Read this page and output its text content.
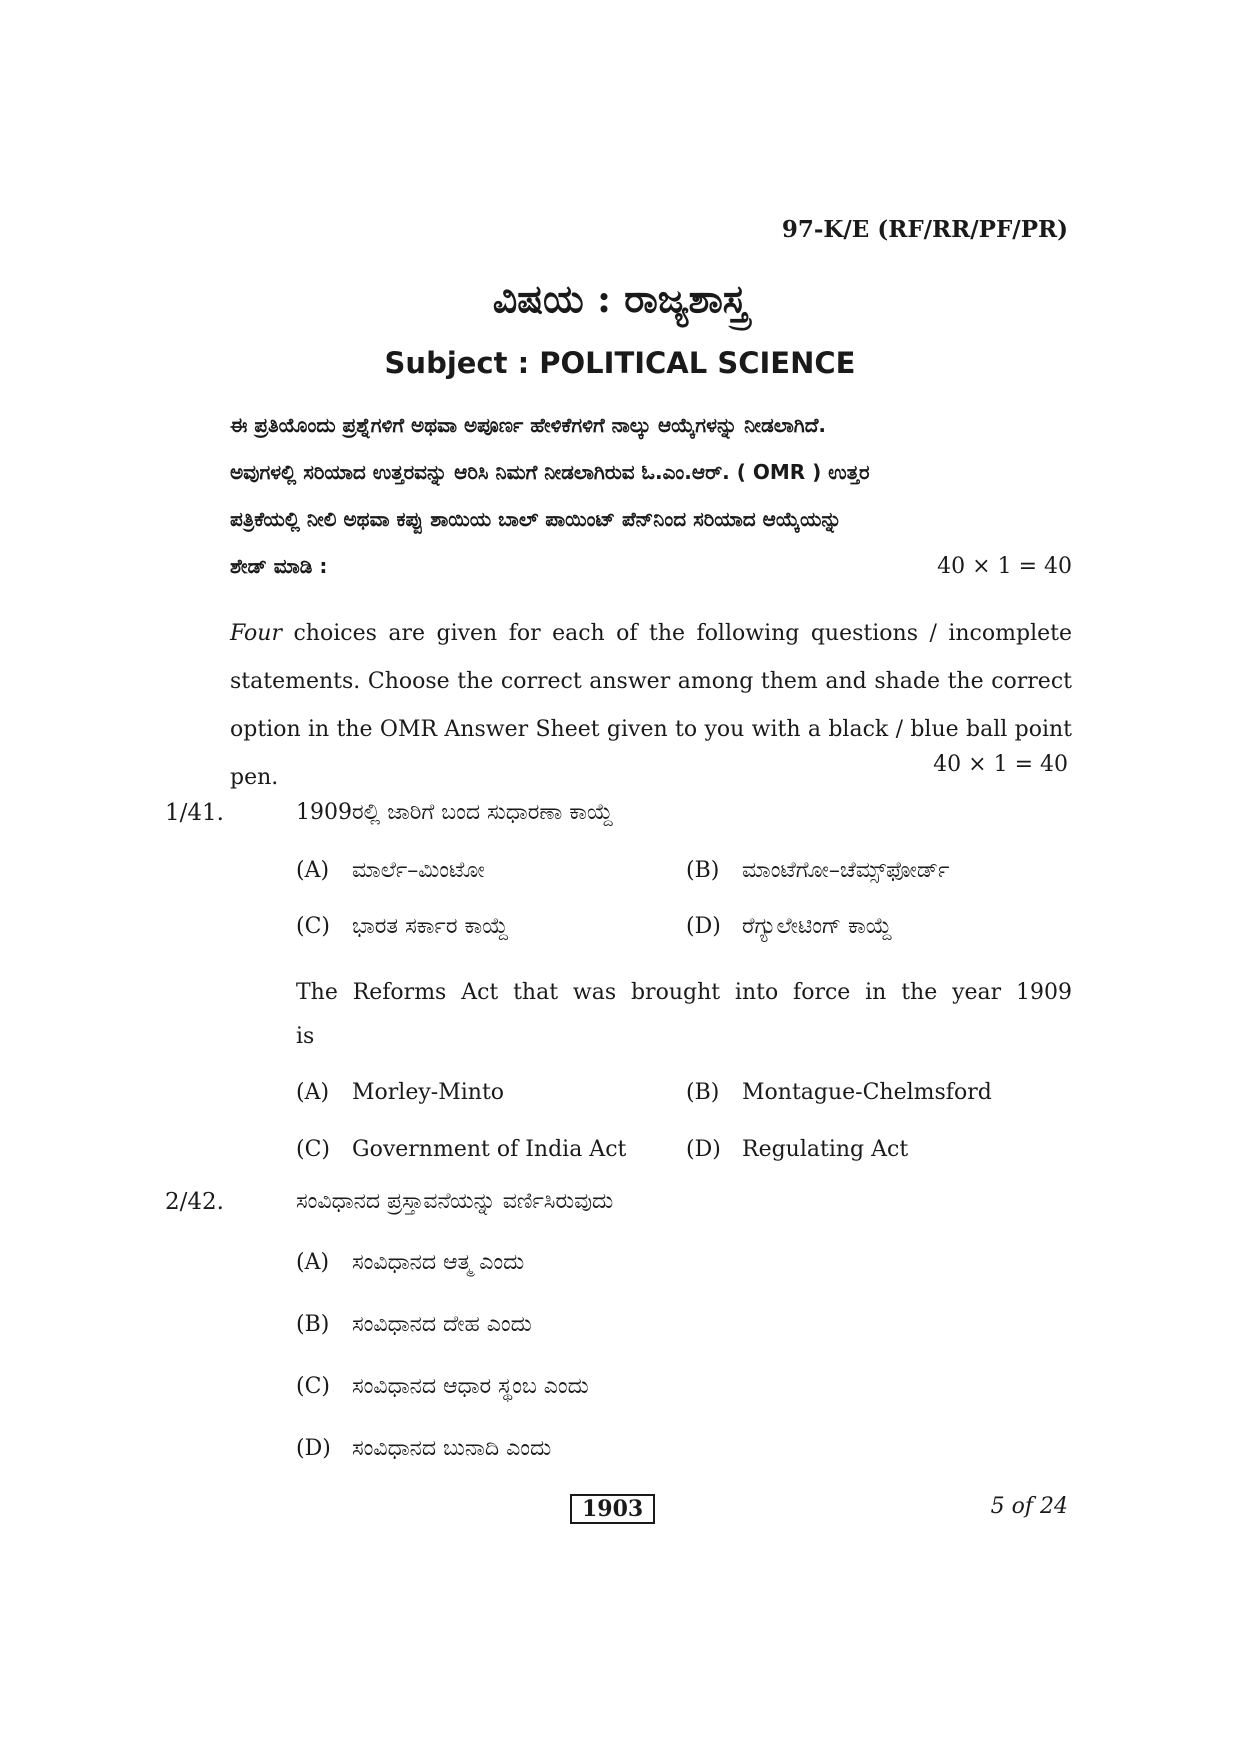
97-K/E (RF/RR/PF/PR)
ವಿಷಯ : ರಾಜ್ಯಶಾಸ್ತ್ರ
Subject : POLITICAL SCIENCE
ಈ ಪ್ರತಿಯೊಂದು ಪ್ರಶ್ನೆಗಳಿಗೆ ಅಥವಾ ಅಪೂರ್ಣ ಹೇಳಿಕೆಗಳಿಗೆ ನಾಲ್ಕು ಆಯ್ಕೆಗಳನ್ನು ನೀಡಲಾಗಿದೆ.
ಅವುಗಳಲ್ಲಿ ಸರಿಯಾದ ಉತ್ತರವನ್ನು ಆರಿಸಿ ನಿಮಗೆ ನೀಡಲಾಗಿರುವ ಓ.ಎಂ.ಆರ್. ( OMR ) ಉತ್ತರ
ಪತ್ರಿಕೆಯಲ್ಲಿ ನೀಲಿ ಅಥವಾ ಕಪ್ಪು ಶಾಯಿಯ ಬಾಲ್ ಪಾಯಿಂಟ್ ಪೆನ್‌ನಿಂದ ಸರಿಯಾದ ಆಯ್ಕೆಯನ್ನು
ಶೇಡ್ ಮಾಡಿ :	40 × 1 = 40
Four choices are given for each of the following questions / incomplete statements. Choose the correct answer among them and shade the correct option in the OMR Answer Sheet given to you with a black / blue ball point pen.
40 × 1 = 40
1/41.	1909ರಲ್ಲಿ ಜಾರಿಗೆ ಬಂದ ಸುಧಾರಣಾ ಕಾಯ್ದೆ
(A) ಮಾರ್ಲೆ–ಮಿಂಟೋ	(B) ಮಾಂಟೆಗೋ–ಚೆಮ್ಸ್‌ಫೋರ್ಡ್
(C) ಭಾರತ ಸರ್ಕಾರ ಕಾಯ್ದೆ	(D) ರೆಗ್ಯುಲೇಟಿಂಗ್ ಕಾಯ್ದೆ
The Reforms Act that was brought into force in the year 1909
is
(A) Morley-Minto	(B) Montague-Chelmsford
(C) Government of India Act	(D) Regulating Act
2/42.	ಸಂವಿಧಾನದ ಪ್ರಸ್ತಾವನೆಯನ್ನು ವರ್ಣಿಸಿರುವುದು
(A) ಸಂವಿಧಾನದ ಆತ್ಮ ಎಂದು
(B) ಸಂವಿಧಾನದ ದೇಹ ಎಂದು
(C) ಸಂವಿಧಾನದ ಆಧಾರ ಸ್ಥಂಬ ಎಂದು
(D) ಸಂವಿಧಾನದ ಬುನಾದಿ ಎಂದು
1903	5 of 24
